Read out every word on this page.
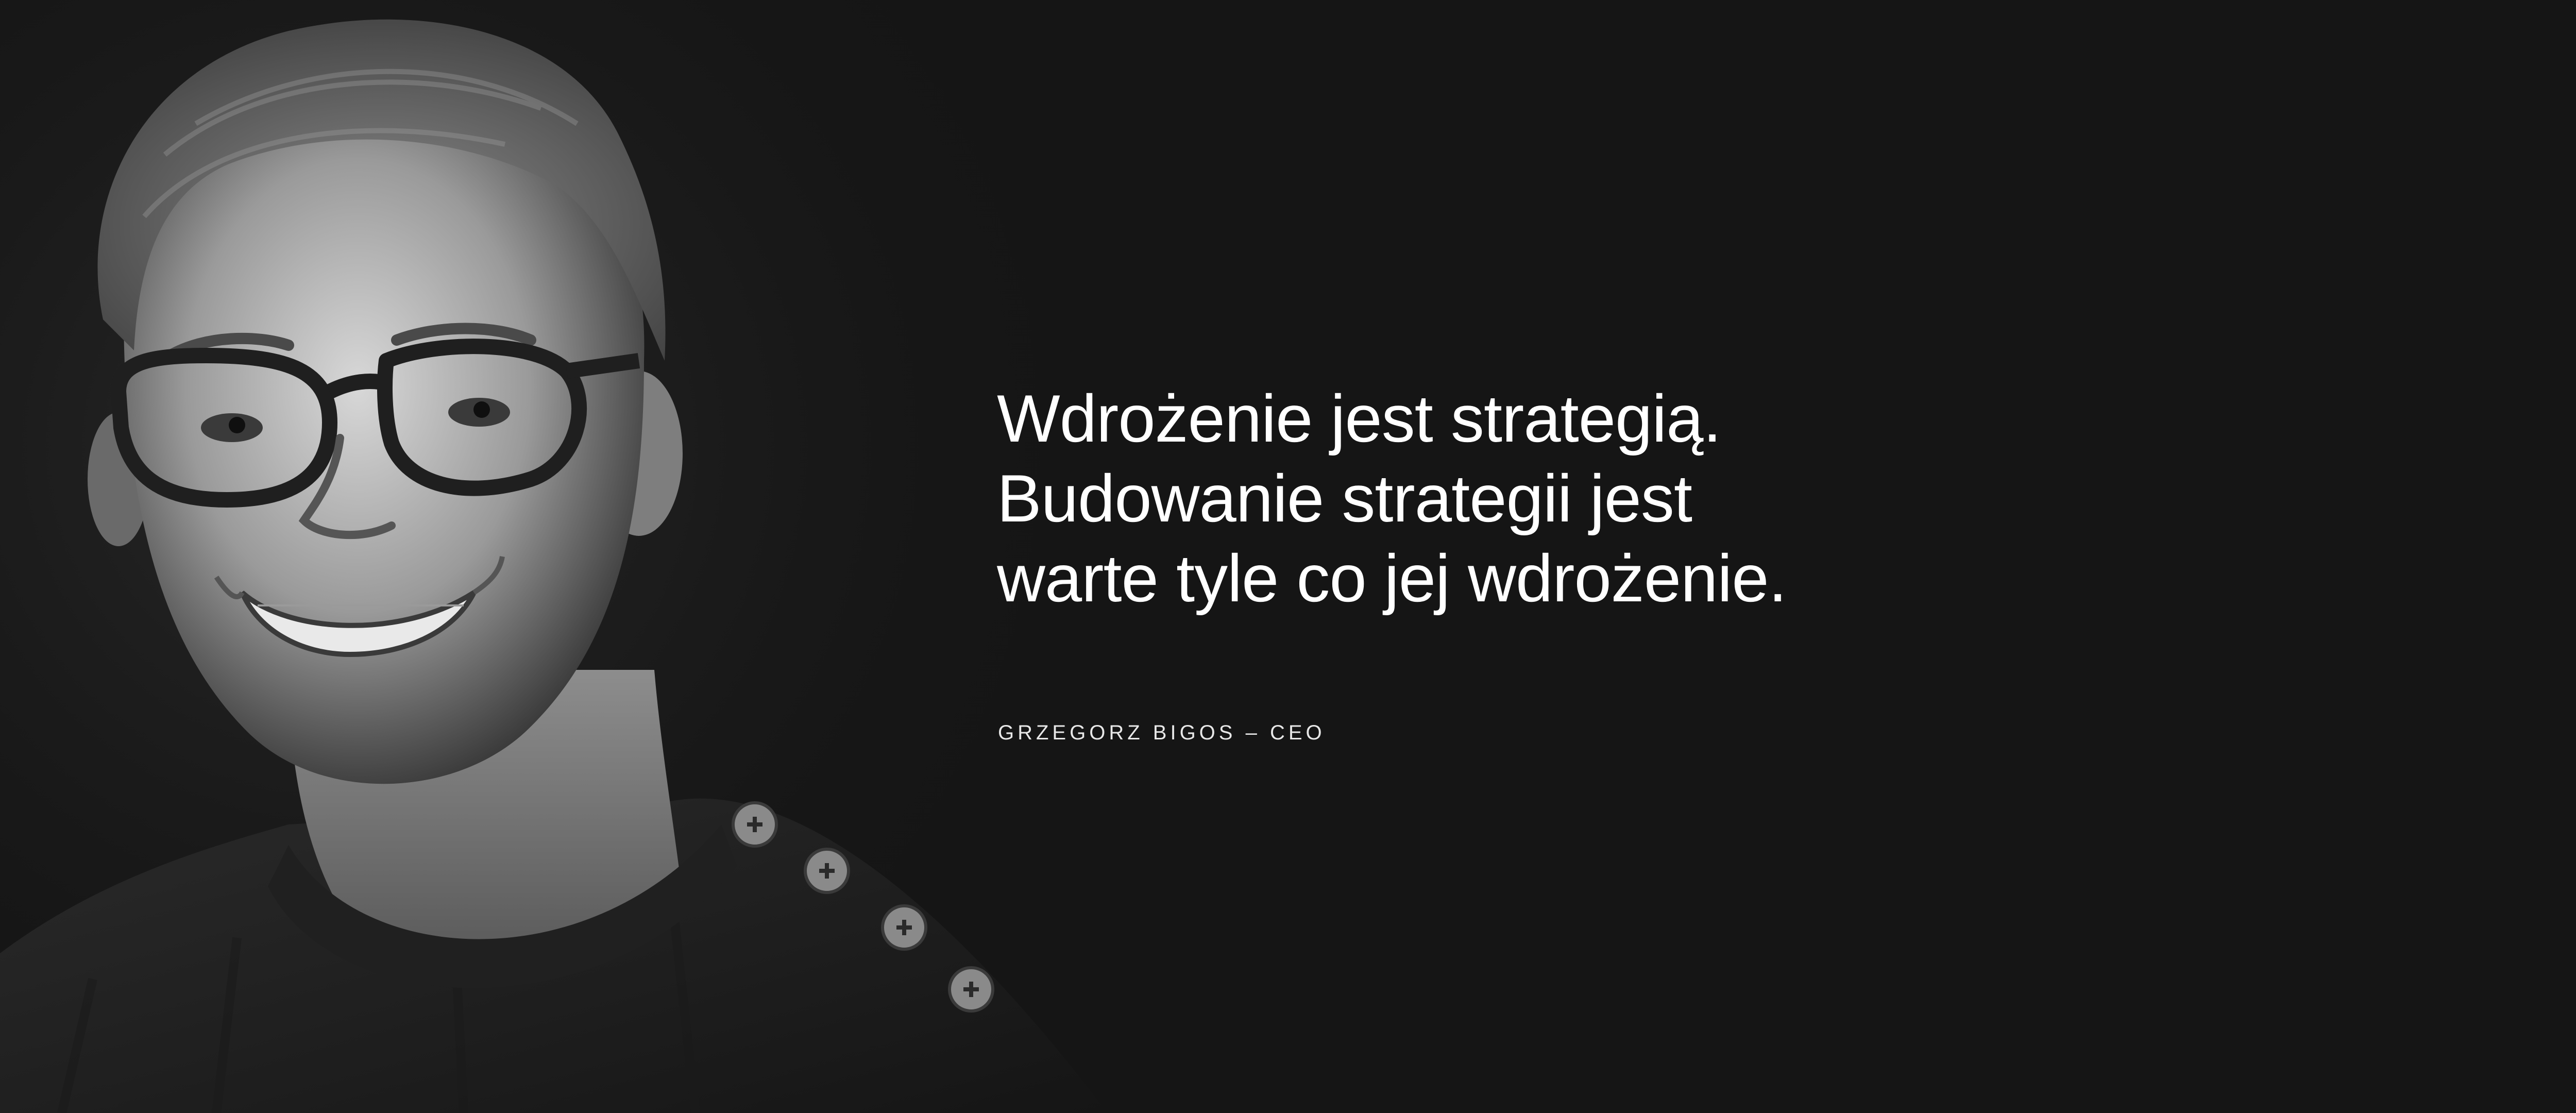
Wdrożenie jest strategią.
Budowanie strategii jest
warte tyle co jej wdrożenie.

GRZEGORZ BIGOS – CEO
